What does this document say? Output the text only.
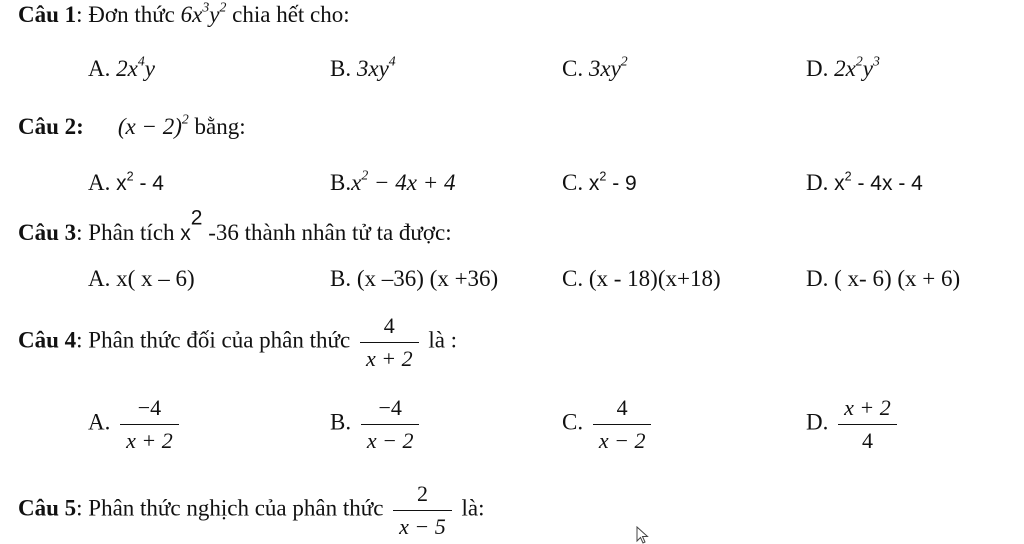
Câu 1: Đơn thức $6x^3y^2$ chia hết cho:
A. $2x^4y$	B. $3xy^4$	C. $3xy^2$	D. $2x^2y^3$
Câu 2: $(x - 2)^2$ bằng:
A. $x^2 - 4$	$B.x^2 - 4x + 4$	C. $x^2 - 9$	D. $x^2 - 4x - 4$
Câu 3: Phân tích $x^2$ -36 thành nhân tử ta được:
A. x( x – 6)	B. (x –36) (x +36)	C. (x - 18)(x+18)	D. ( x- 6) (x + 6)
Câu 4: Phân thức đối của phân thức $\frac{4}{x + 2}$ là :
A. $\frac{-4}{x + 2}$	B. $\frac{-4}{x - 2}$	C. $\frac{4}{x - 2}$	D. $\frac{x + 2}{4}$
Câu 5: Phân thức nghịch của phân thức $\frac{2}{x - 5}$ là:
